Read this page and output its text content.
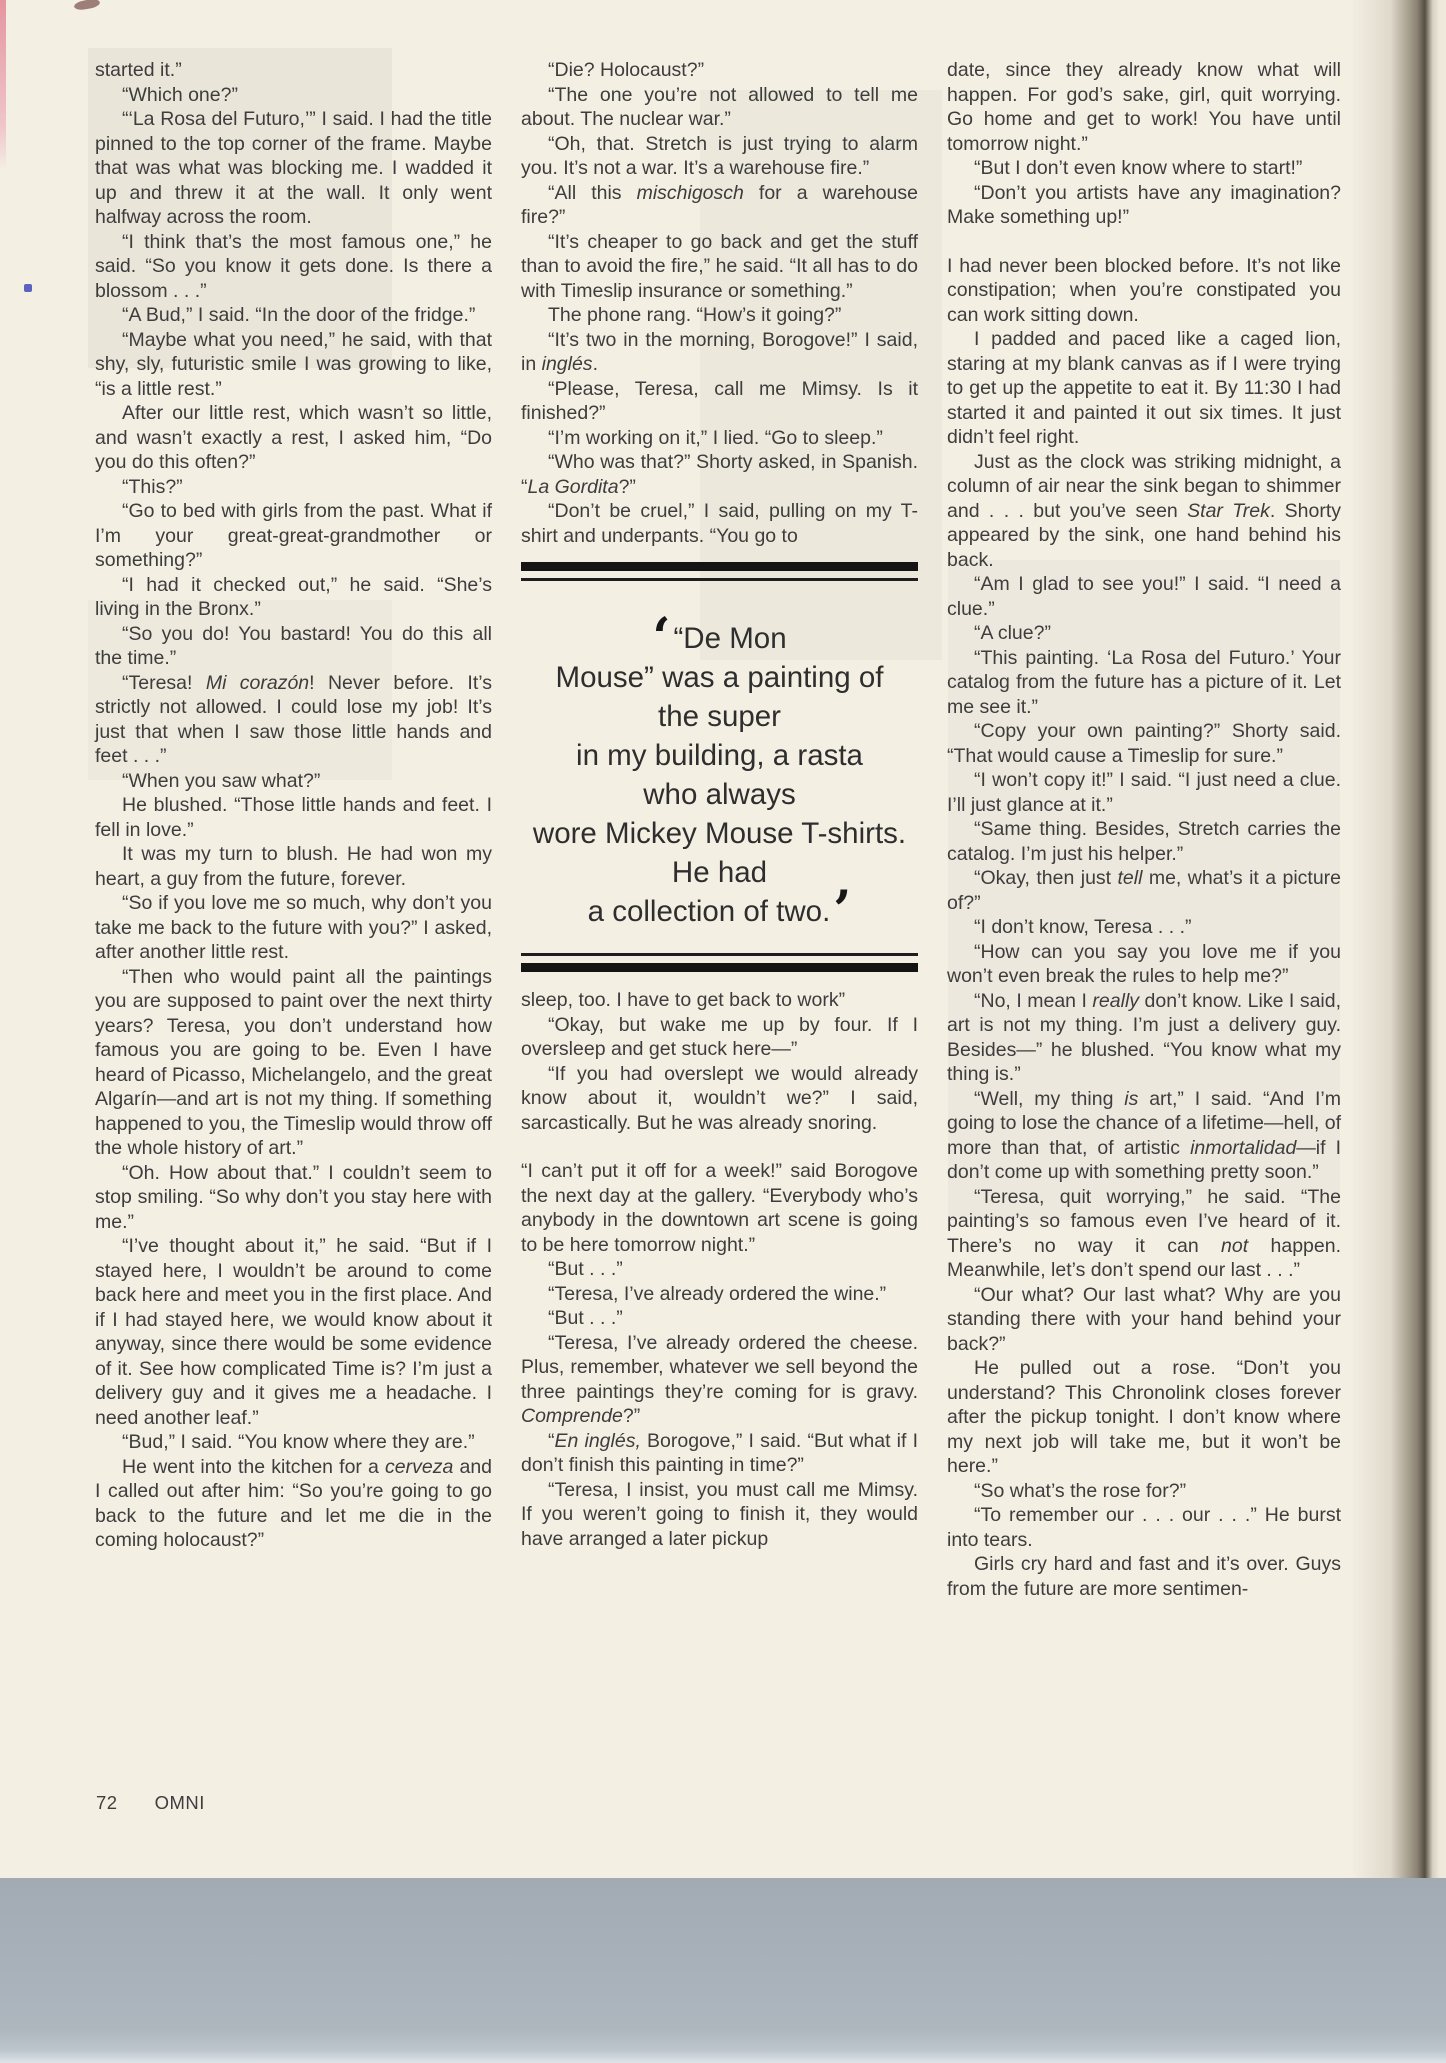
started it.”

“Which one?”

“‘La Rosa del Futuro,’” I said. I had the title pinned to the top corner of the frame. Maybe that was what was blocking me. I wadded it up and threw it at the wall. It only went halfway across the room.

“I think that’s the most famous one,” he said. “So you know it gets done. Is there a blossom . . .”

“A Bud,” I said. “In the door of the fridge.”

“Maybe what you need,” he said, with that shy, sly, futuristic smile I was growing to like, “is a little rest.”

After our little rest, which wasn’t so little, and wasn’t exactly a rest, I asked him, “Do you do this often?”

“This?”

“Go to bed with girls from the past. What if I’m your great-great-grandmother or something?”

“I had it checked out,” he said. “She’s living in the Bronx.”

“So you do! You bastard! You do this all the time.”

“Teresa! Mi corazón! Never before. It’s strictly not allowed. I could lose my job! It’s just that when I saw those little hands and feet . . .”

“When you saw what?”

He blushed. “Those little hands and feet. I fell in love.”

It was my turn to blush. He had won my heart, a guy from the future, forever.

“So if you love me so much, why don’t you take me back to the future with you?” I asked, after another little rest.

“Then who would paint all the paintings you are supposed to paint over the next thirty years? Teresa, you don’t understand how famous you are going to be. Even I have heard of Picasso, Michelangelo, and the great Algarín—and art is not my thing. If something happened to you, the Timeslip would throw off the whole history of art.”

“Oh. How about that.” I couldn’t seem to stop smiling. “So why don’t you stay here with me.”

“I’ve thought about it,” he said. “But if I stayed here, I wouldn’t be around to come back here and meet you in the first place. And if I had stayed here, we would know about it anyway, since there would be some evidence of it. See how complicated Time is? I’m just a delivery guy and it gives me a headache. I need another leaf.”

“Bud,” I said. “You know where they are.”

He went into the kitchen for a cerveza and I called out after him: “So you’re going to go back to the future and let me die in the coming holocaust?”

“Die? Holocaust?”

“The one you’re not allowed to tell me about. The nuclear war.”

“Oh, that. Stretch is just trying to alarm you. It’s not a war. It’s a warehouse fire.”

“All this mischigosch for a warehouse fire?”

“It’s cheaper to go back and get the stuff than to avoid the fire,” he said. “It all has to do with Timeslip insurance or something.”

The phone rang. “How’s it going?”

“It’s two in the morning, Borogove!” I said, in inglés.

“Please, Teresa, call me Mimsy. Is it finished?”

“I’m working on it,” I lied. “Go to sleep.”

“Who was that?” Shorty asked, in Spanish. “La Gordita?”

“Don’t be cruel,” I said, pulling on my T-shirt and underpants. “You go to

‘ “De Mon
Mouse” was a painting of
the super
in my building, a rasta
who always
wore Mickey Mouse T-shirts.
He had
a collection of two.’

sleep, too. I have to get back to work”

“Okay, but wake me up by four. If I oversleep and get stuck here—”

“If you had overslept we would already know about it, wouldn’t we?” I said, sarcastically. But he was already snoring.

“I can’t put it off for a week!” said Borogove the next day at the gallery. “Everybody who’s anybody in the downtown art scene is going to be here tomorrow night.”

“But . . .”

“Teresa, I’ve already ordered the wine.”

“But . . .”

“Teresa, I’ve already ordered the cheese. Plus, remember, whatever we sell beyond the three paintings they’re coming for is gravy. Comprende?”

“En inglés, Borogove,” I said. “But what if I don’t finish this painting in time?”

“Teresa, I insist, you must call me Mimsy. If you weren’t going to finish it, they would have arranged a later pickup

date, since they already know what will happen. For god’s sake, girl, quit worrying. Go home and get to work! You have until tomorrow night.”

“But I don’t even know where to start!”

“Don’t you artists have any imagination? Make something up!”

I had never been blocked before. It’s not like constipation; when you’re constipated you can work sitting down.

I padded and paced like a caged lion, staring at my blank canvas as if I were trying to get up the appetite to eat it. By 11:30 I had started it and painted it out six times. It just didn’t feel right.

Just as the clock was striking midnight, a column of air near the sink began to shimmer and . . . but you’ve seen Star Trek. Shorty appeared by the sink, one hand behind his back.

“Am I glad to see you!” I said. “I need a clue.”

“A clue?”

“This painting. ‘La Rosa del Futuro.’ Your catalog from the future has a picture of it. Let me see it.”

“Copy your own painting?” Shorty said. “That would cause a Timeslip for sure.”

“I won’t copy it!” I said. “I just need a clue. I’ll just glance at it.”

“Same thing. Besides, Stretch carries the catalog. I’m just his helper.”

“Okay, then just tell me, what’s it a picture of?”

“I don’t know, Teresa . . .”

“How can you say you love me if you won’t even break the rules to help me?”

“No, I mean I really don’t know. Like I said, art is not my thing. I’m just a delivery guy. Besides—” he blushed. “You know what my thing is.”

“Well, my thing is art,” I said. “And I’m going to lose the chance of a lifetime—hell, of more than that, of artistic inmortalidad—if I don’t come up with something pretty soon.”

“Teresa, quit worrying,” he said. “The painting’s so famous even I’ve heard of it. There’s no way it can not happen. Meanwhile, let’s don’t spend our last . . .”

“Our what? Our last what? Why are you standing there with your hand behind your back?”

He pulled out a rose. “Don’t you understand? This Chronolink closes forever after the pickup tonight. I don’t know where my next job will take me, but it won’t be here.”

“So what’s the rose for?”

“To remember our . . . our . . .” He burst into tears.

Girls cry hard and fast and it’s over. Guys from the future are more sentimen-

72 OMNI
